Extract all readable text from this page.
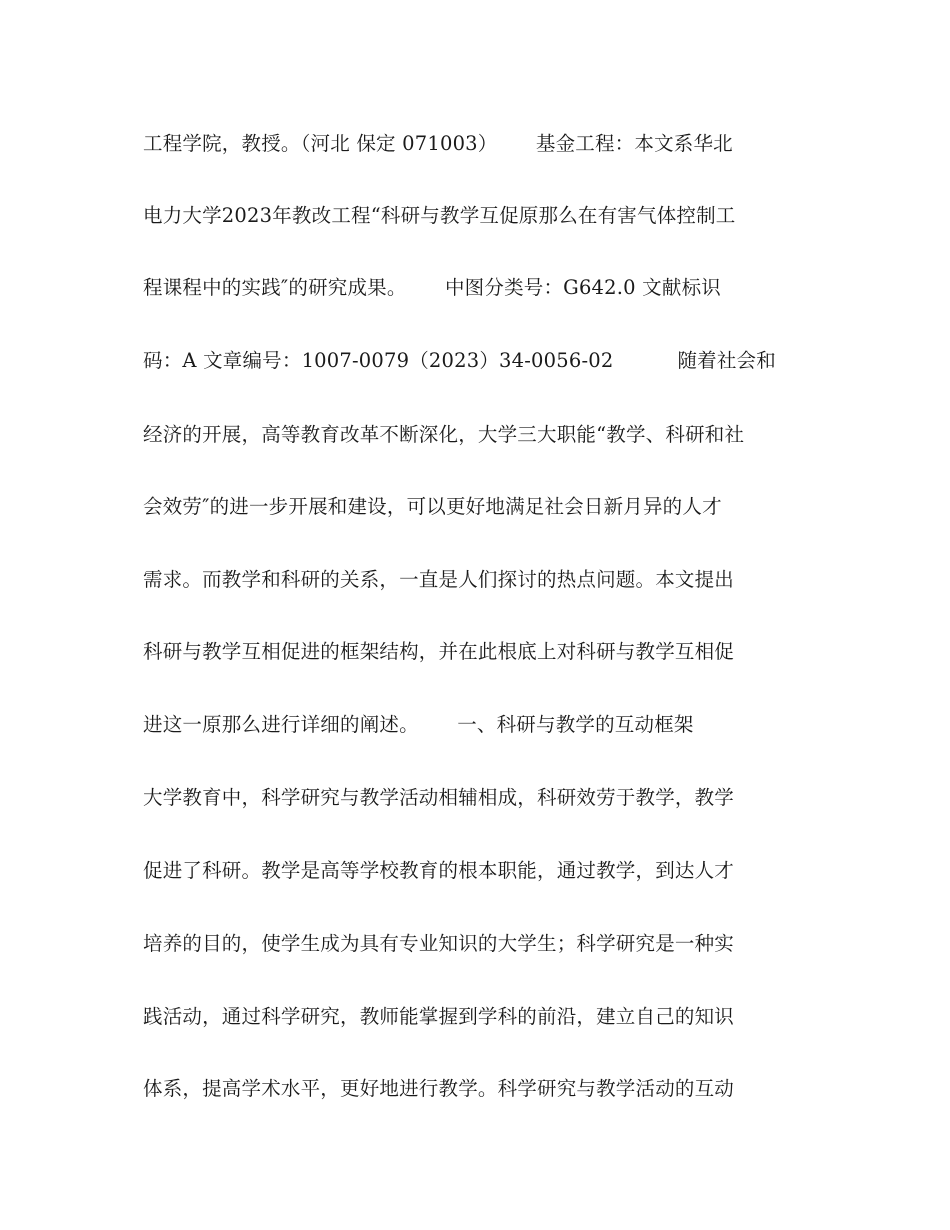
工程学院，教授。（河北 保定 071003）      基金工程：本文系华北
电力大学2023年教改工程“科研与教学互促原那么在有害气体控制工
程课程中的实践″的研究成果。      中图分类号：G642.0 文献标识
码：A 文章编号：1007-0079（2023）34-0056-02          随着社会和
经济的开展，高等教育改革不断深化，大学三大职能“教学、科研和社
会效劳″的进一步开展和建设，可以更好地满足社会日新月异的人才
需求。而教学和科研的关系，一直是人们探讨的热点问题。本文提出
科研与教学互相促进的框架结构，并在此根底上对科研与教学互相促
进这一原那么进行详细的阐述。      一、科研与教学的互动框架
大学教育中，科学研究与教学活动相辅相成，科研效劳于教学，教学
促进了科研。教学是高等学校教育的根本职能，通过教学，到达人才
培养的目的，使学生成为具有专业知识的大学生；科学研究是一种实
践活动，通过科学研究，教师能掌握到学科的前沿，建立自己的知识
体系，提高学术水平，更好地进行教学。科学研究与教学活动的互动
